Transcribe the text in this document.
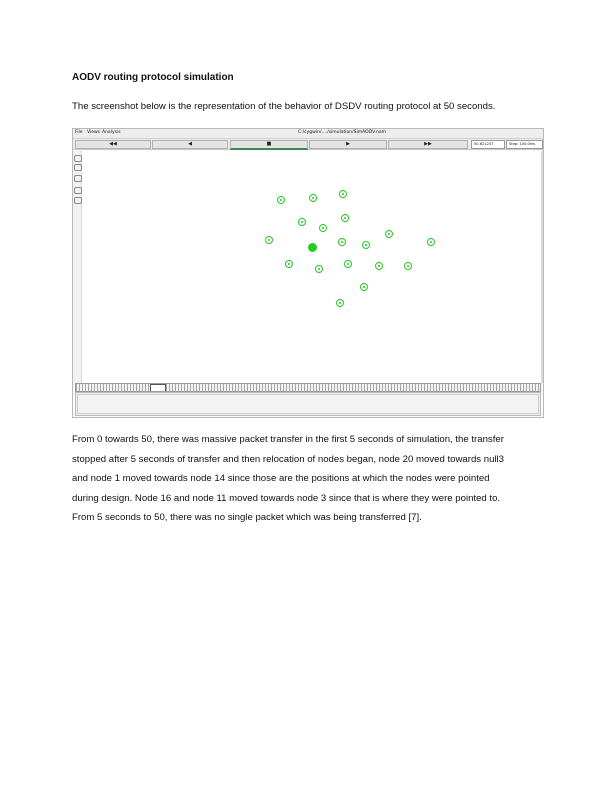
AODV routing protocol simulation
The screenshot below is the representation of the behavior of DSDV routing protocol at 50 seconds.
File Views Analysis	C:/cygwin/..../simulation/SimAODV.nam
◀◀	◀	■	▶	▶▶	50.621237	Step: 100.0ms
From 0 towards 50, there was massive packet transfer in the first 5 seconds of simulation, the transfer
stopped after 5 seconds of transfer and then relocation of nodes began, node 20 moved towards null3
and node 1 moved towards node 14 since those are the positions at which the nodes were pointed
during design. Node 16 and node 11 moved towards node 3 since that is where they were pointed to.
From 5 seconds to 50, there was no single packet which was being transferred [7].
